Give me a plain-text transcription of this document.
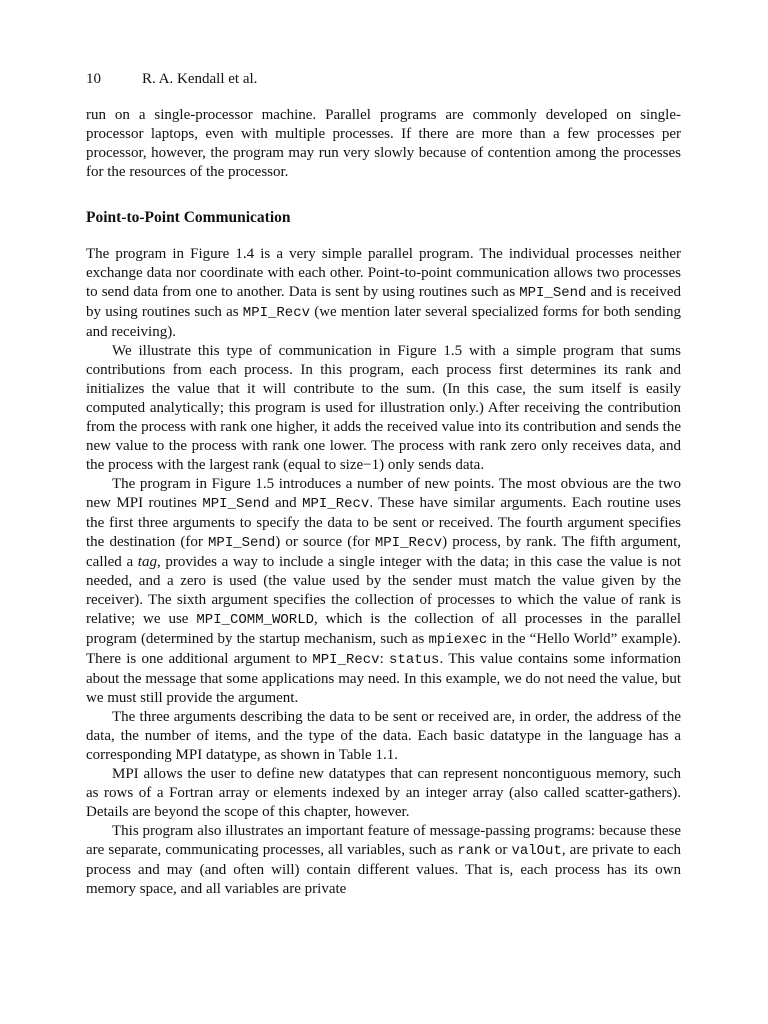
10	R. A. Kendall et al.

run on a single-processor machine. Parallel programs are commonly developed on single-processor laptops, even with multiple processes. If there are more than a few processes per processor, however, the program may run very slowly because of contention among the processes for the resources of the processor.

Point-to-Point Communication

The program in Figure 1.4 is a very simple parallel program. The individual processes neither exchange data nor coordinate with each other. Point-to-point communication allows two processes to send data from one to another. Data is sent by using routines such as MPI_Send and is received by using routines such as MPI_Recv (we mention later several specialized forms for both sending and receiving).

We illustrate this type of communication in Figure 1.5 with a simple program that sums contributions from each process. In this program, each process first determines its rank and initializes the value that it will contribute to the sum. (In this case, the sum itself is easily computed analytically; this program is used for illustration only.) After receiving the contribution from the process with rank one higher, it adds the received value into its contribution and sends the new value to the process with rank one lower. The process with rank zero only receives data, and the process with the largest rank (equal to size−1) only sends data.

The program in Figure 1.5 introduces a number of new points. The most obvious are the two new MPI routines MPI_Send and MPI_Recv. These have similar arguments. Each routine uses the first three arguments to specify the data to be sent or received. The fourth argument specifies the destination (for MPI_Send) or source (for MPI_Recv) process, by rank. The fifth argument, called a tag, provides a way to include a single integer with the data; in this case the value is not needed, and a zero is used (the value used by the sender must match the value given by the receiver). The sixth argument specifies the collection of processes to which the value of rank is relative; we use MPI_COMM_WORLD, which is the collection of all processes in the parallel program (determined by the startup mechanism, such as mpiexec in the “Hello World” example). There is one additional argument to MPI_Recv: status. This value contains some information about the message that some applications may need. In this example, we do not need the value, but we must still provide the argument.

The three arguments describing the data to be sent or received are, in order, the address of the data, the number of items, and the type of the data. Each basic datatype in the language has a corresponding MPI datatype, as shown in Table 1.1.

MPI allows the user to define new datatypes that can represent noncontiguous memory, such as rows of a Fortran array or elements indexed by an integer array (also called scatter-gathers). Details are beyond the scope of this chapter, however.

This program also illustrates an important feature of message-passing programs: because these are separate, communicating processes, all variables, such as rank or valOut, are private to each process and may (and often will) contain different values. That is, each process has its own memory space, and all variables are private
